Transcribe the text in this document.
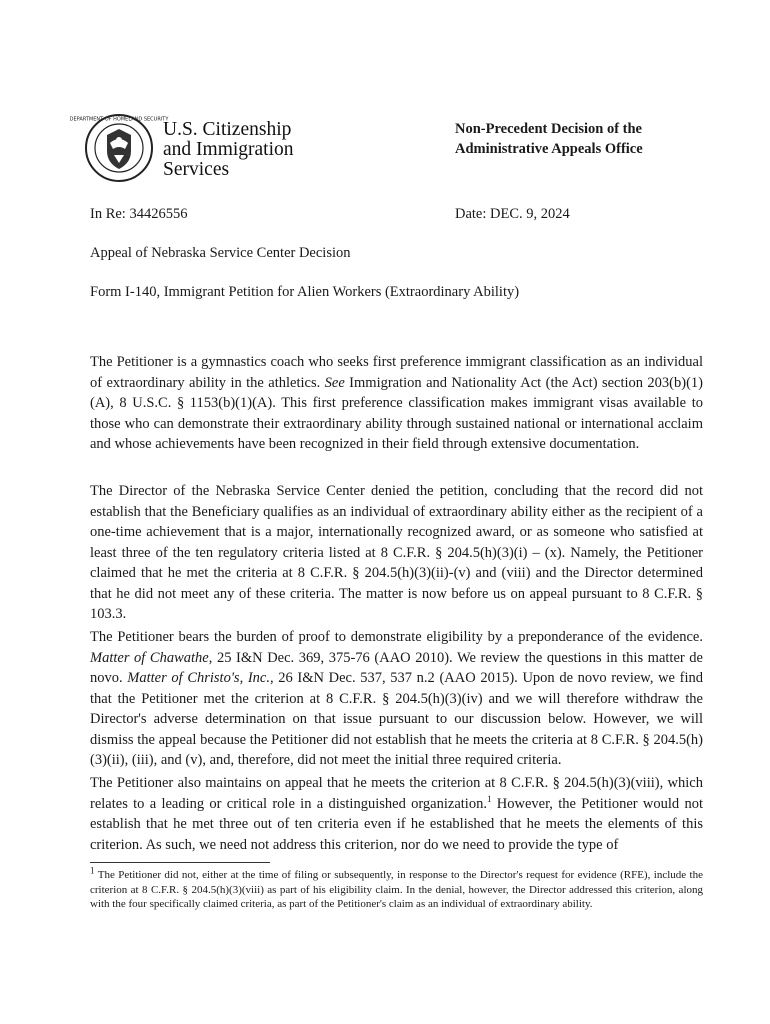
DEPARTMENT OF HOMELAND SECURITY
U.S. Citizenship
and Immigration
Services
Non-Precedent Decision of the
Administrative Appeals Office
In Re: 34426556	Date: DEC. 9, 2024
Appeal of Nebraska Service Center Decision
Form I-140, Immigrant Petition for Alien Workers (Extraordinary Ability)
The Petitioner is a gymnastics coach who seeks first preference immigrant classification as an individual of extraordinary ability in the athletics. See Immigration and Nationality Act (the Act) section 203(b)(1)(A), 8 U.S.C. § 1153(b)(1)(A). This first preference classification makes immigrant visas available to those who can demonstrate their extraordinary ability through sustained national or international acclaim and whose achievements have been recognized in their field through extensive documentation.
The Director of the Nebraska Service Center denied the petition, concluding that the record did not establish that the Beneficiary qualifies as an individual of extraordinary ability either as the recipient of a one-time achievement that is a major, internationally recognized award, or as someone who satisfied at least three of the ten regulatory criteria listed at 8 C.F.R. § 204.5(h)(3)(i) – (x). Namely, the Petitioner claimed that he met the criteria at 8 C.F.R. § 204.5(h)(3)(ii)-(v) and (viii) and the Director determined that he did not meet any of these criteria. The matter is now before us on appeal pursuant to 8 C.F.R. § 103.3.
The Petitioner bears the burden of proof to demonstrate eligibility by a preponderance of the evidence. Matter of Chawathe, 25 I&N Dec. 369, 375-76 (AAO 2010). We review the questions in this matter de novo. Matter of Christo's, Inc., 26 I&N Dec. 537, 537 n.2 (AAO 2015). Upon de novo review, we find that the Petitioner met the criterion at 8 C.F.R. § 204.5(h)(3)(iv) and we will therefore withdraw the Director's adverse determination on that issue pursuant to our discussion below. However, we will dismiss the appeal because the Petitioner did not establish that he meets the criteria at 8 C.F.R. § 204.5(h)(3)(ii), (iii), and (v), and, therefore, did not meet the initial three required criteria.
The Petitioner also maintains on appeal that he meets the criterion at 8 C.F.R. § 204.5(h)(3)(viii), which relates to a leading or critical role in a distinguished organization.$^1$ However, the Petitioner would not establish that he met three out of ten criteria even if he established that he meets the elements of this criterion. As such, we need not address this criterion, nor do we need to provide the type of
$^1$ The Petitioner did not, either at the time of filing or subsequently, in response to the Director's request for evidence (RFE), include the criterion at 8 C.F.R. § 204.5(h)(3)(viii) as part of his eligibility claim. In the denial, however, the Director addressed this criterion, along with the four specifically claimed criteria, as part of the Petitioner's claim as an individual of extraordinary ability.
